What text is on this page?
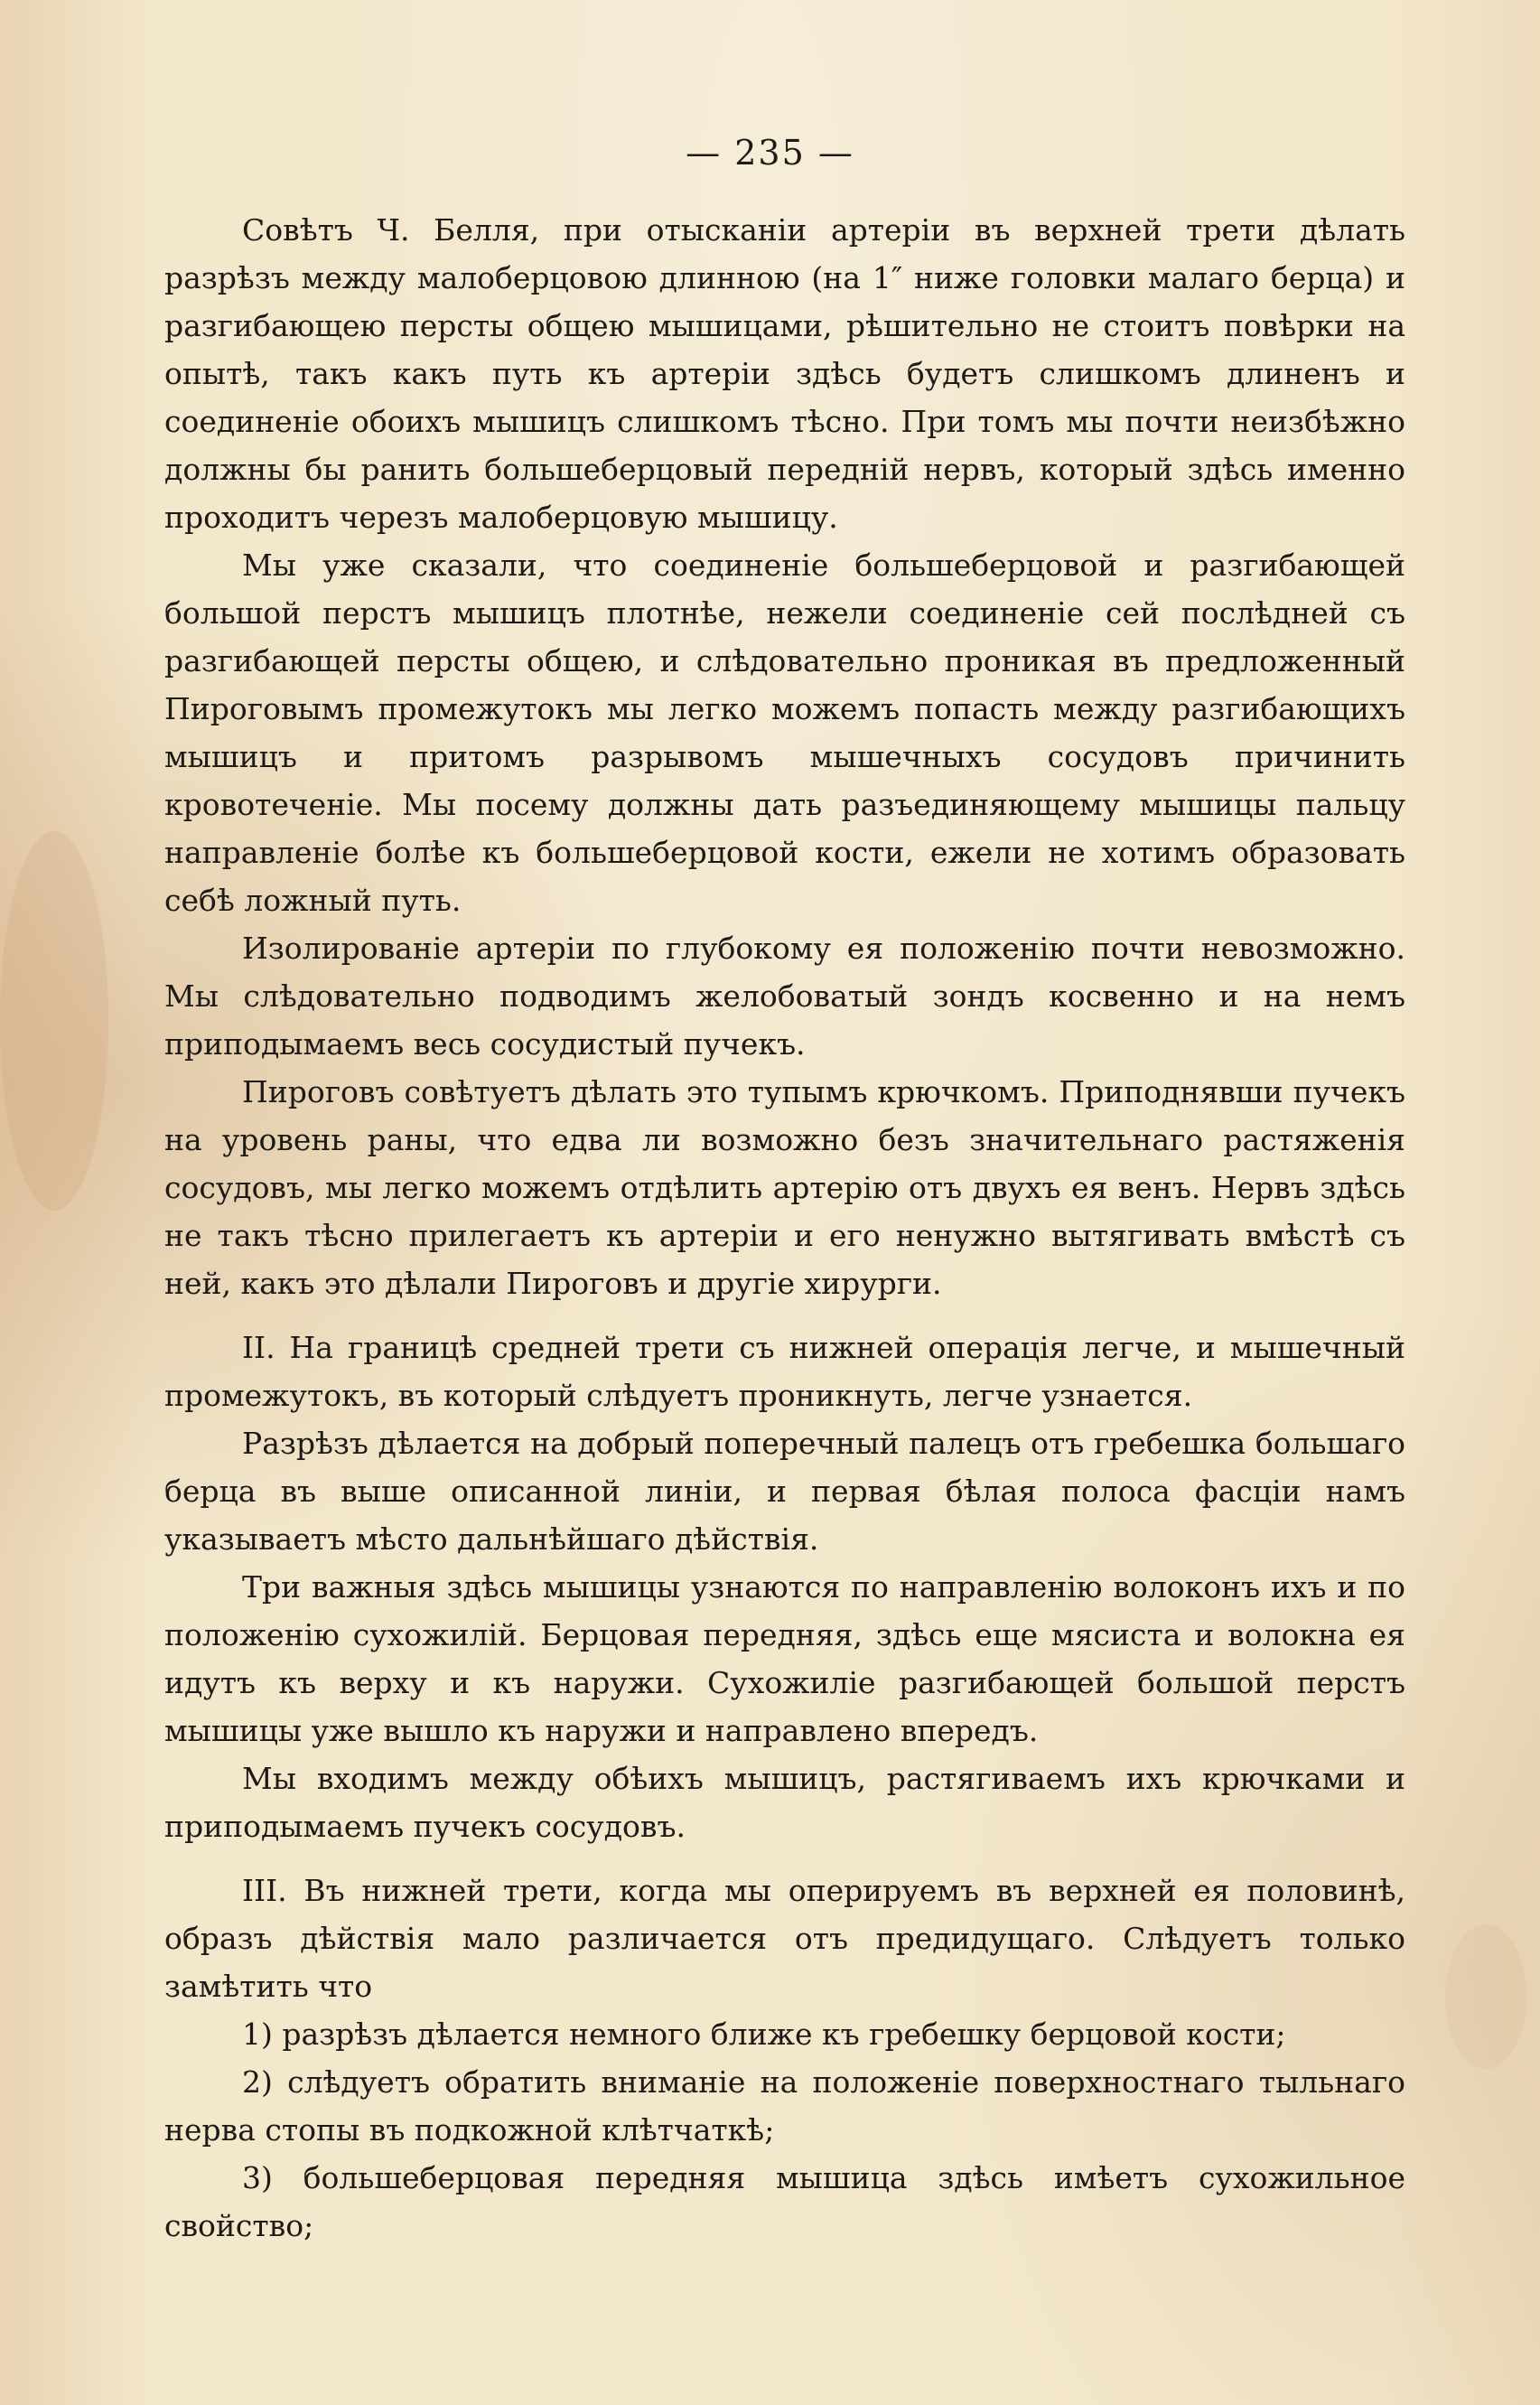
— 235 —

Совѣтъ Ч. Белля, при отысканіи артеріи въ верхней трети дѣлать разрѣзъ между малоберцовою длинною (на 1″ ниже головки малаго берца) и разгибающею персты общею мышицами, рѣшительно не стоитъ повѣрки на опытѣ, такъ какъ путь къ артеріи здѣсь будетъ слишкомъ длиненъ и соединеніе обоихъ мышицъ слишкомъ тѣсно. При томъ мы почти неизбѣжно должны бы ранить большеберцовый передній нервъ, который здѣсь именно проходитъ черезъ малоберцовую мышицу.

Мы уже сказали, что соединеніе большеберцовой и разгибающей большой перстъ мышицъ плотнѣе, нежели соединеніе сей послѣдней съ разгибающей персты общею, и слѣдовательно проникая въ предложенный Пироговымъ промежутокъ мы легко можемъ попасть между разгибающихъ мышицъ и притомъ разрывомъ мышечныхъ сосудовъ причинить кровотеченіе. Мы посему должны дать разъединяющему мышицы пальцу направленіе болѣе къ большеберцовой кости, ежели не хотимъ образовать себѣ ложный путь.

Изолированіе артеріи по глубокому ея положенію почти невозможно. Мы слѣдовательно подводимъ желобоватый зондъ косвенно и на немъ приподымаемъ весь сосудистый пучекъ.

Пироговъ совѣтуетъ дѣлать это тупымъ крючкомъ. Приподнявши пучекъ на уровень раны, что едва ли возможно безъ значительнаго растяженія сосудовъ, мы легко можемъ отдѣлить артерію отъ двухъ ея венъ. Нервъ здѣсь не такъ тѣсно прилегаетъ къ артеріи и его ненужно вытягивать вмѣстѣ съ ней, какъ это дѣлали Пироговъ и другіе хирурги.

II. На границѣ средней трети съ нижней операція легче, и мышечный промежутокъ, въ который слѣдуетъ проникнуть, легче узнается.

Разрѣзъ дѣлается на добрый поперечный палецъ отъ гребешка большаго берца въ выше описанной линіи, и первая бѣлая полоса фасціи намъ указываетъ мѣсто дальнѣйшаго дѣйствія.

Три важныя здѣсь мышицы узнаются по направленію волоконъ ихъ и по положенію сухожилій. Берцовая передняя, здѣсь еще мясиста и волокна ея идутъ къ верху и къ наружи. Сухожиліе разгибающей большой перстъ мышицы уже вышло къ наружи и направлено впередъ.

Мы входимъ между обѣихъ мышицъ, растягиваемъ ихъ крючками и приподымаемъ пучекъ сосудовъ.

III. Въ нижней трети, когда мы оперируемъ въ верхней ея половинѣ, образъ дѣйствія мало различается отъ предидущаго. Слѣдуетъ только замѣтить что

1) разрѣзъ дѣлается немного ближе къ гребешку берцовой кости;

2) слѣдуетъ обратить вниманіе на положеніе поверхностнаго тыльнаго нерва стопы въ подкожной клѣтчаткѣ;

3) большеберцовая передняя мышица здѣсь имѣетъ сухожильное свойство;
